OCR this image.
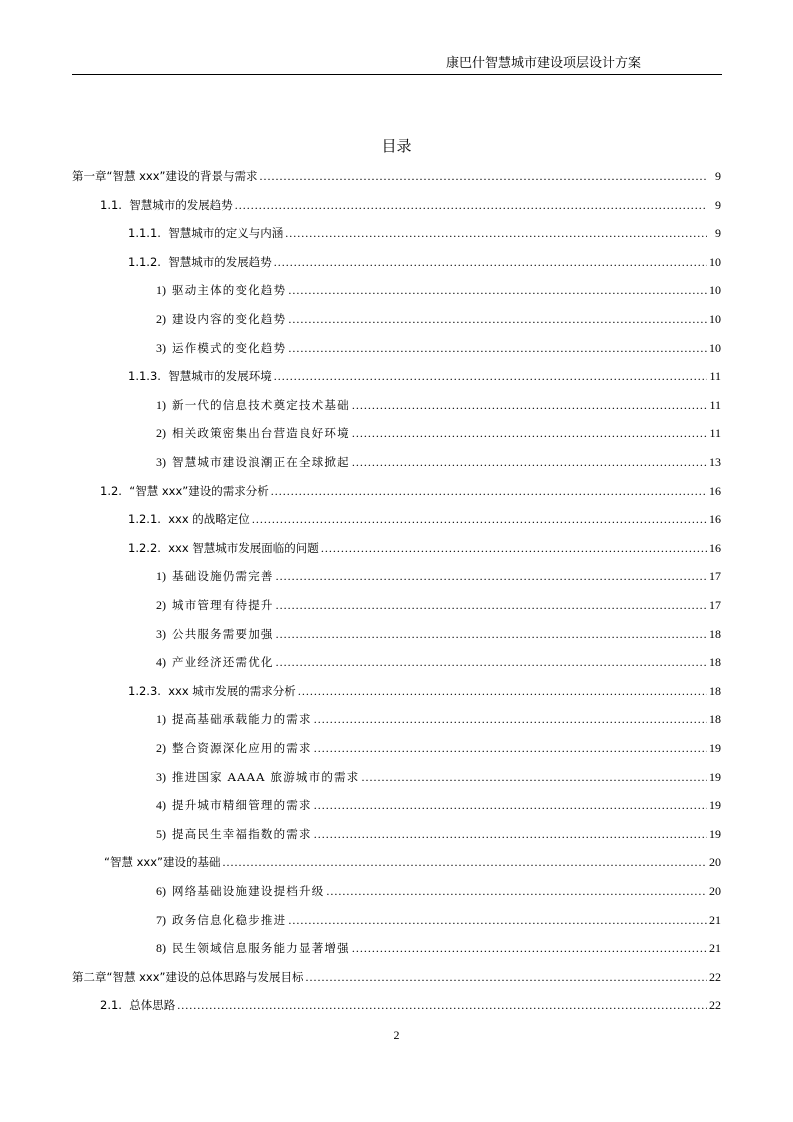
康巴什智慧城市建设项层设计方案
目录
第一章“智慧 xxx”建设的背景与需求 .....	9
1.1. 智慧城市的发展趋势 .....	9
1.1.1. 智慧城市的定义与内涵 .....	9
1.1.2. 智慧城市的发展趋势 .....	10
1) 驱动主体的变化趋势 .....	10
2) 建设内容的变化趋势 .....	10
3) 运作模式的变化趋势 .....	10
1.1.3. 智慧城市的发展环境 .....	11
1) 新一代的信息技术奠定技术基础 .....	11
2) 相关政策密集出台营造良好环境 .....	11
3) 智慧城市建设浪潮正在全球掀起 .....	13
1.2. “智慧 xxx”建设的需求分析 .....	16
1.2.1. xxx 的战略定位 .....	16
1.2.2. xxx 智慧城市发展面临的问题 .....	16
1) 基础设施仍需完善 .....	17
2) 城市管理有待提升 .....	17
3) 公共服务需要加强 .....	18
4) 产业经济还需优化 .....	18
1.2.3. xxx 城市发展的需求分析 .....	18
1) 提高基础承载能力的需求 .....	18
2) 整合资源深化应用的需求 .....	19
3) 推进国家 AAAA 旅游城市的需求 .....	19
4) 提升城市精细管理的需求 .....	19
5) 提高民生幸福指数的需求 .....	19
“智慧 xxx”建设的基础 .....	20
6) 网络基础设施建设提档升级 .....	20
7) 政务信息化稳步推进 .....	21
8) 民生领域信息服务能力显著增强 .....	21
第二章“智慧 xxx”建设的总体思路与发展目标 .....	22
2.1. 总体思路 .....	22
2
